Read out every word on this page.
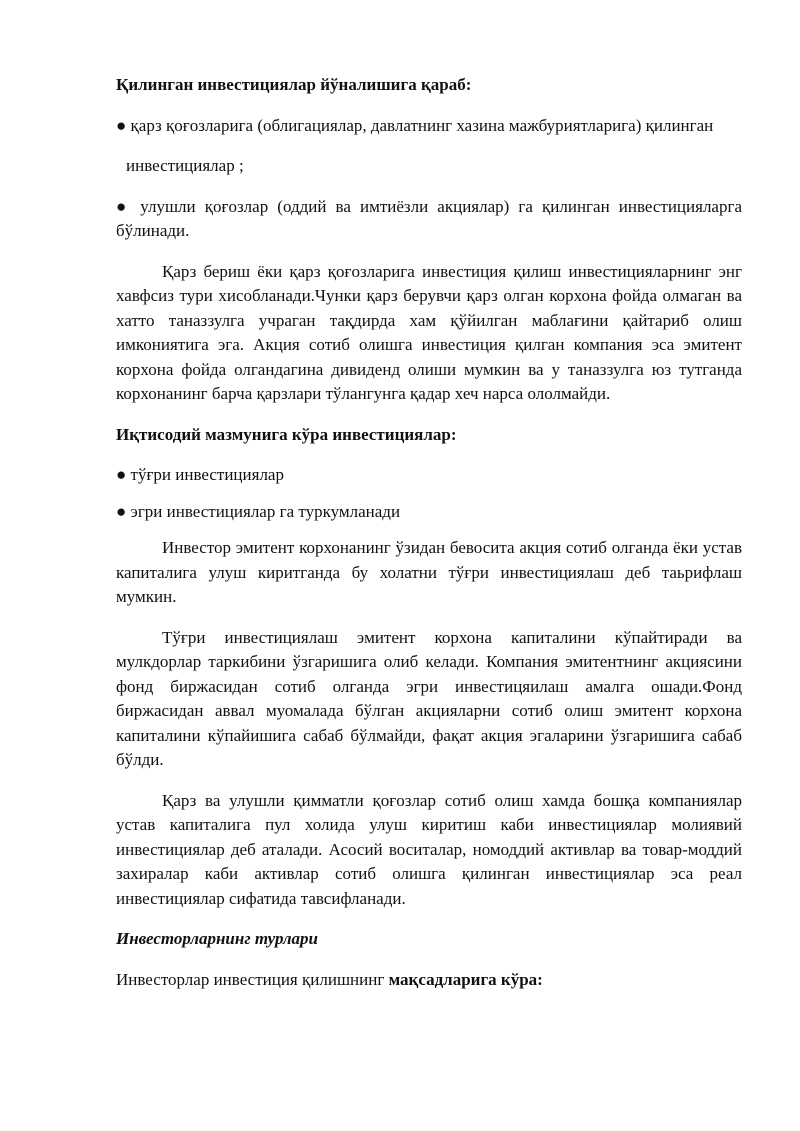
Қилинган инвестициялар йўналишига қараб:

● қарз қоғозларига (облигациялар, давлатнинг хазина мажбуриятларига) қилинган

инвестициялар ;

● улушли қоғозлар (оддий ва имтиёзли акциялар) га қилинган инвестицияларга бўлинади.

Қарз бериш ёки қарз қоғозларига инвестиция қилиш инвестицияларнинг энг хавфсиз тури хисобланади.Чунки қарз берувчи қарз олган корхона фойда олмаган ва хатто таназзулга учраган тақдирда хам қўйилган маблағини қайтариб олиш имкониятига эга. Акция сотиб олишга инвестиция қилган компания эса эмитент корхона фойда олгандагина дивиденд олиши мумкин ва у таназзулга юз тутганда корхонанинг барча қарзлари тўлангунга қадар хеч нарса ололмайди.

Иқтисодий мазмунига кўра инвестициялар:

● тўғри инвестициялар

● эгри инвестициялар га туркумланади

Инвестор эмитент корхонанинг ўзидан бевосита акция сотиб олганда ёки устав капиталига улуш киритганда бу холатни тўғри инвестициялаш деб таьрифлаш мумкин.

Тўғри инвестициялаш эмитент корхона капиталини кўпайтиради ва мулкдорлар таркибини ўзгаришига олиб келади. Компания эмитентнинг акциясини фонд биржасидан сотиб олганда эгри инвестицяилаш амалга ошади.Фонд биржасидан аввал муомалада бўлган акцияларни сотиб олиш эмитент корхона капиталини кўпайишига сабаб бўлмайди, фақат акция эгаларини ўзгаришига сабаб бўлди.

Қарз ва улушли қимматли қоғозлар сотиб олиш хамда бошқа компаниялар устав капиталига пул холида улуш киритиш каби инвестициялар молиявий инвестициялар деб аталади. Асосий воситалар, номоддий активлар ва товар-моддий захиралар каби активлар сотиб олишга қилинган инвестициялар эса реал инвестициялар сифатида тавсифланади.

Инвесторларнинг турлари

Инвесторлар инвестиция қилишнинг мақсадларига кўра:
